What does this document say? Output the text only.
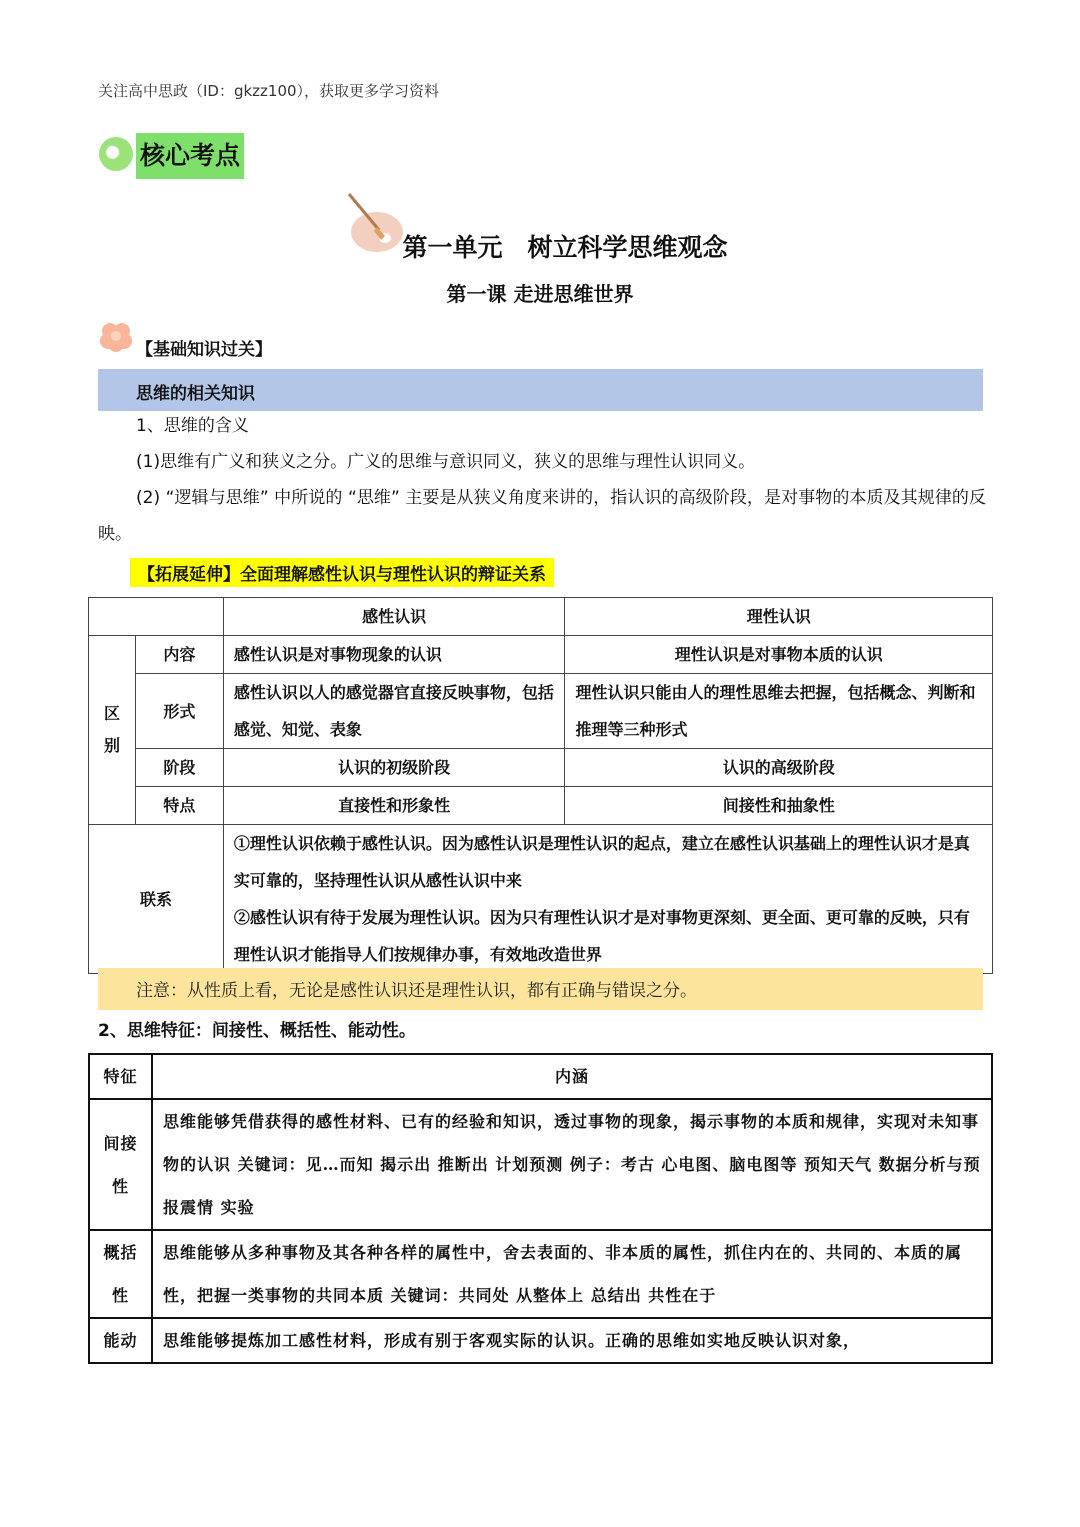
关注高中思政（ID：gkzz100），获取更多学习资料
核心考点
第一单元　树立科学思维观念
第一课 走进思维世界
【基础知识过关】
思维的相关知识
1、思维的含义
(1)思维有广义和狭义之分。广义的思维与意识同义，狭义的思维与理性认识同义。
(2) “逻辑与思维” 中所说的 “思维” 主要是从狭义角度来讲的，指认识的高级阶段，是对事物的本质及其规律的反映。
【拓展延伸】全面理解感性认识与理性认识的辩证关系
		感性认识	理性认识
区别	内容	感性认识是对事物现象的认识	理性认识是对事物本质的认识
	形式	感性认识以人的感觉器官直接反映事物，包括感觉、知觉、表象	理性认识只能由人的理性思维去把握，包括概念、判断和推理等三种形式
	阶段	认识的初级阶段	认识的高级阶段
	特点	直接性和形象性	间接性和抽象性
联系		①理性认识依赖于感性认识。因为感性认识是理性认识的起点，建立在感性认识基础上的理性认识才是真实可靠的，坚持理性认识从感性认识中来
②感性认识有待于发展为理性认识。因为只有理性认识才是对事物更深刻、更全面、更可靠的反映，只有理性认识才能指导人们按规律办事，有效地改造世界	
注意：从性质上看，无论是感性认识还是理性认识，都有正确与错误之分。
2、思维特征：间接性、概括性、能动性。
特征	内涵
间接性	思维能够凭借获得的感性材料、已有的经验和知识，透过事物的现象，揭示事物的本质和规律，实现对未知事物的认识 关键词：见…而知 揭示出 推断出 计划预测 例子：考古 心电图、脑电图等 预知天气 数据分析与预报震情 实验
概括性	思维能够从多种事物及其各种各样的属性中，舍去表面的、非本质的属性，抓住内在的、共同的、本质的属性，把握一类事物的共同本质 关键词：共同处 从整体上 总结出 共性在于
能动	思维能够提炼加工感性材料，形成有别于客观实际的认识。正确的思维如实地反映认识对象，
